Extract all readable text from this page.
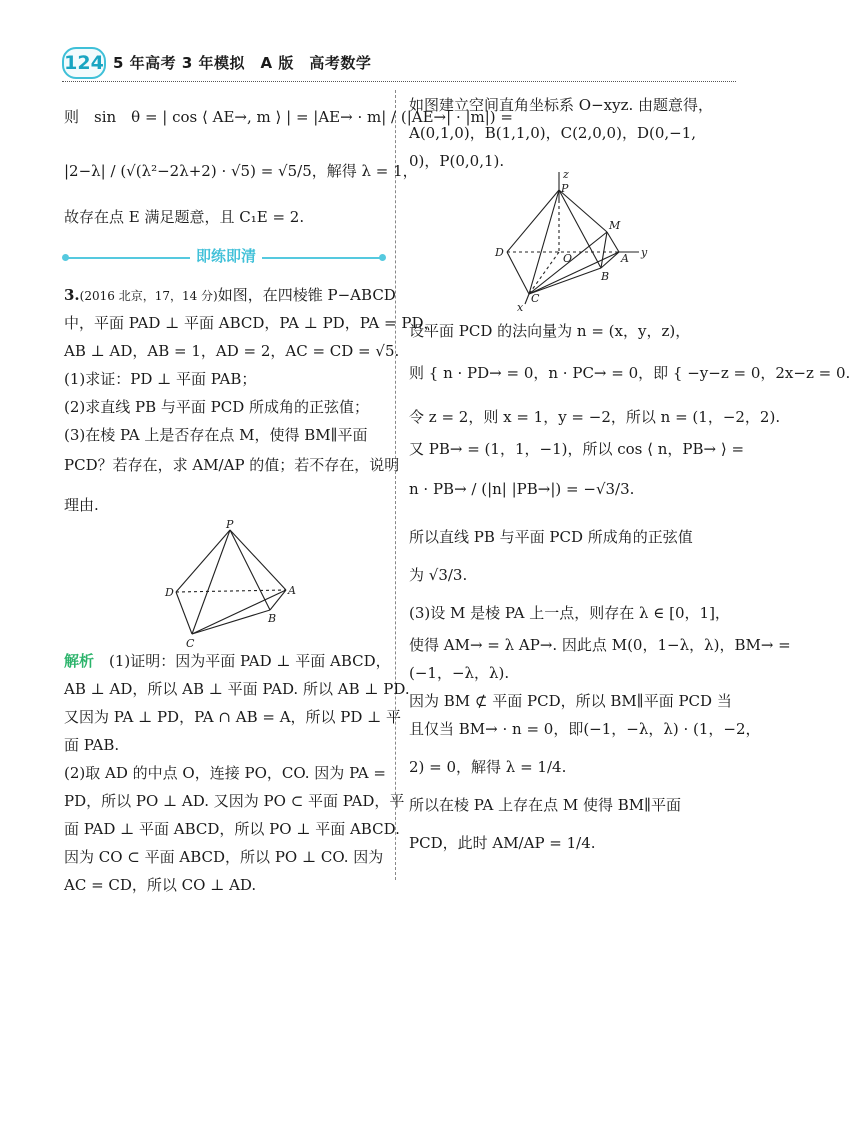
124 5 年高考 3 年模拟　A 版　高考数学
则　sin　θ = | cos ⟨ AE→, m ⟩ | = |AE→ · m| / (|AE→| · |m|) =
|2−λ| / (√(λ²−2λ+2) · √5) = √5/5，解得 λ = 1，
故存在点 E 满足题意，且 C₁E = 2.
即练即清
3.(2016 北京，17，14 分)如图，在四棱锥 P−ABCD
中，平面 PAD ⊥ 平面 ABCD，PA ⊥ PD，PA = PD，
AB ⊥ AD，AB = 1，AD = 2，AC = CD = √5.
(1)求证：PD ⊥ 平面 PAB；
(2)求直线 PB 与平面 PCD 所成角的正弦值；
(3)在棱 PA 上是否存在点 M，使得 BM∥平面
PCD？若存在，求 AM/AP 的值；若不存在，说明
理由.
P
D	A
B
C
解析　(1)证明：因为平面 PAD ⊥ 平面 ABCD，
AB ⊥ AD，所以 AB ⊥ 平面 PAD. 所以 AB ⊥ PD.
又因为 PA ⊥ PD，PA ∩ AB = A，所以 PD ⊥ 平
面 PAB.
(2)取 AD 的中点 O，连接 PO，CO. 因为 PA =
PD，所以 PO ⊥ AD. 又因为 PO ⊂ 平面 PAD，平
面 PAD ⊥ 平面 ABCD，所以 PO ⊥ 平面 ABCD.
因为 CO ⊂ 平面 ABCD，所以 PO ⊥ CO. 因为
AC = CD，所以 CO ⊥ AD.
如图建立空间直角坐标系 O−xyz. 由题意得，
A(0,1,0)，B(1,1,0)，C(2,0,0)，D(0,−1,
0)，P(0,0,1).
z
P
M
D	O	A y
B
C
x
设平面 PCD 的法向量为 n = (x，y，z)，
则 { n · PD→ = 0，n · PC→ = 0，即 { −y−z = 0，2x−z = 0.
令 z = 2，则 x = 1，y = −2，所以 n = (1，−2，2).
又 PB→ = (1，1，−1)，所以 cos ⟨ n，PB→ ⟩ =
n · PB→ / (|n| |PB→|) = −√3/3.
所以直线 PB 与平面 PCD 所成角的正弦值
为 √3/3.
(3)设 M 是棱 PA 上一点，则存在 λ ∈ [0，1]，
使得 AM→ = λ AP→. 因此点 M(0，1−λ，λ)，BM→ =
(−1，−λ，λ).
因为 BM ⊄ 平面 PCD，所以 BM∥平面 PCD 当
且仅当 BM→ · n = 0，即(−1，−λ，λ) · (1，−2，
2) = 0，解得 λ = 1/4.
所以在棱 PA 上存在点 M 使得 BM∥平面
PCD，此时 AM/AP = 1/4.
